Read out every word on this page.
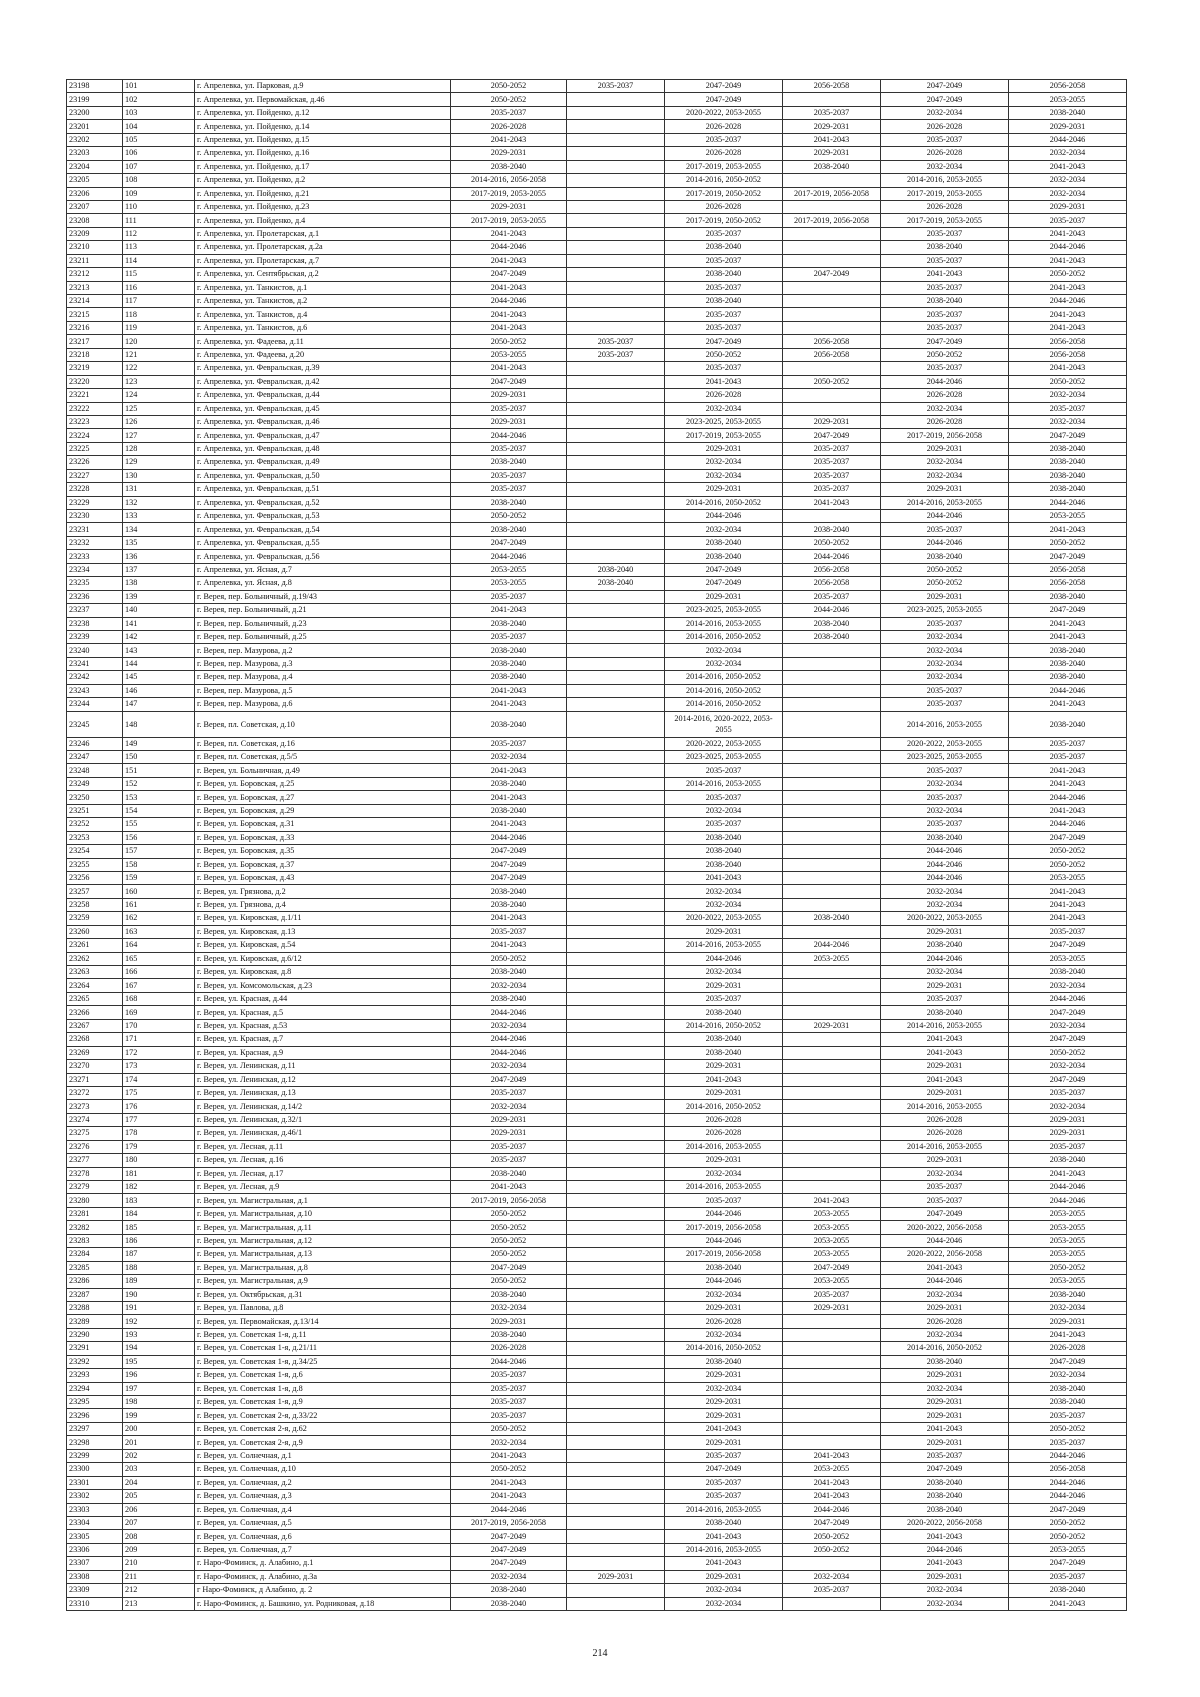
23198	101	г. Апрелевка, ул. Парковая, д.9	2050-2052	2035-2037	2047-2049	2056-2058	2047-2049	2056-2058
23199	102	г. Апрелевка, ул. Первомайская, д.46	2050-2052		2047-2049		2047-2049	2053-2055
23200	103	г. Апрелевка, ул. Пойденко, д.12	2035-2037		2020-2022, 2053-2055	2035-2037	2032-2034	2038-2040
23201	104	г. Апрелевка, ул. Пойденко, д.14	2026-2028		2026-2028	2029-2031	2026-2028	2029-2031
23202	105	г. Апрелевка, ул. Пойденко, д.15	2041-2043		2035-2037	2041-2043	2035-2037	2044-2046
23203	106	г. Апрелевка, ул. Пойденко, д.16	2029-2031		2026-2028	2029-2031	2026-2028	2032-2034
23204	107	г. Апрелевка, ул. Пойденко, д.17	2038-2040		2017-2019, 2053-2055	2038-2040	2032-2034	2041-2043
23205	108	г. Апрелевка, ул. Пойденко, д.2	2014-2016, 2056-2058		2014-2016, 2050-2052		2014-2016, 2053-2055	2032-2034
23206	109	г. Апрелевка, ул. Пойденко, д.21	2017-2019, 2053-2055		2017-2019, 2050-2052	2017-2019, 2056-2058	2017-2019, 2053-2055	2032-2034
23207	110	г. Апрелевка, ул. Пойденко, д.23	2029-2031		2026-2028		2026-2028	2029-2031
23208	111	г. Апрелевка, ул. Пойденко, д.4	2017-2019, 2053-2055		2017-2019, 2050-2052	2017-2019, 2056-2058	2017-2019, 2053-2055	2035-2037
23209	112	г. Апрелевка, ул. Пролетарская, д.1	2041-2043		2035-2037		2035-2037	2041-2043
23210	113	г. Апрелевка, ул. Пролетарская, д.2а	2044-2046		2038-2040		2038-2040	2044-2046
23211	114	г. Апрелевка, ул. Пролетарская, д.7	2041-2043		2035-2037		2035-2037	2041-2043
23212	115	г. Апрелевка, ул. Сентябрьская, д.2	2047-2049		2038-2040	2047-2049	2041-2043	2050-2052
23213	116	г. Апрелевка, ул. Танкистов, д.1	2041-2043		2035-2037		2035-2037	2041-2043
23214	117	г. Апрелевка, ул. Танкистов, д.2	2044-2046		2038-2040		2038-2040	2044-2046
23215	118	г. Апрелевка, ул. Танкистов, д.4	2041-2043		2035-2037		2035-2037	2041-2043
23216	119	г. Апрелевка, ул. Танкистов, д.6	2041-2043		2035-2037		2035-2037	2041-2043
23217	120	г. Апрелевка, ул. Фадеева, д.11	2050-2052	2035-2037	2047-2049	2056-2058	2047-2049	2056-2058
23218	121	г. Апрелевка, ул. Фадеева, д.20	2053-2055	2035-2037	2050-2052	2056-2058	2050-2052	2056-2058
23219	122	г. Апрелевка, ул. Февральская, д.39	2041-2043		2035-2037		2035-2037	2041-2043
23220	123	г. Апрелевка, ул. Февральская, д.42	2047-2049		2041-2043	2050-2052	2044-2046	2050-2052
23221	124	г. Апрелевка, ул. Февральская, д.44	2029-2031		2026-2028		2026-2028	2032-2034
23222	125	г. Апрелевка, ул. Февральская, д.45	2035-2037		2032-2034		2032-2034	2035-2037
23223	126	г. Апрелевка, ул. Февральская, д.46	2029-2031		2023-2025, 2053-2055	2029-2031	2026-2028	2032-2034
23224	127	г. Апрелевка, ул. Февральская, д.47	2044-2046		2017-2019, 2053-2055	2047-2049	2017-2019, 2056-2058	2047-2049
23225	128	г. Апрелевка, ул. Февральская, д.48	2035-2037		2029-2031	2035-2037	2029-2031	2038-2040
23226	129	г. Апрелевка, ул. Февральская, д.49	2038-2040		2032-2034	2035-2037	2032-2034	2038-2040
23227	130	г. Апрелевка, ул. Февральская, д.50	2035-2037		2032-2034	2035-2037	2032-2034	2038-2040
23228	131	г. Апрелевка, ул. Февральская, д.51	2035-2037		2029-2031	2035-2037	2029-2031	2038-2040
23229	132	г. Апрелевка, ул. Февральская, д.52	2038-2040		2014-2016, 2050-2052	2041-2043	2014-2016, 2053-2055	2044-2046
23230	133	г. Апрелевка, ул. Февральская, д.53	2050-2052		2044-2046		2044-2046	2053-2055
23231	134	г. Апрелевка, ул. Февральская, д.54	2038-2040		2032-2034	2038-2040	2035-2037	2041-2043
23232	135	г. Апрелевка, ул. Февральская, д.55	2047-2049		2038-2040	2050-2052	2044-2046	2050-2052
23233	136	г. Апрелевка, ул. Февральская, д.56	2044-2046		2038-2040	2044-2046	2038-2040	2047-2049
23234	137	г. Апрелевка, ул. Ясная, д.7	2053-2055	2038-2040	2047-2049	2056-2058	2050-2052	2056-2058
23235	138	г. Апрелевка, ул. Ясная, д.8	2053-2055	2038-2040	2047-2049	2056-2058	2050-2052	2056-2058
23236	139	г. Верея, пер. Больничный, д.19/43	2035-2037		2029-2031	2035-2037	2029-2031	2038-2040
23237	140	г. Верея, пер. Больничный, д.21	2041-2043		2023-2025, 2053-2055	2044-2046	2023-2025, 2053-2055	2047-2049
23238	141	г. Верея, пер. Больничный, д.23	2038-2040		2014-2016, 2053-2055	2038-2040	2035-2037	2041-2043
23239	142	г. Верея, пер. Больничный, д.25	2035-2037		2014-2016, 2050-2052	2038-2040	2032-2034	2041-2043
23240	143	г. Верея, пер. Мазурова, д.2	2038-2040		2032-2034		2032-2034	2038-2040
23241	144	г. Верея, пер. Мазурова, д.3	2038-2040		2032-2034		2032-2034	2038-2040
23242	145	г. Верея, пер. Мазурова, д.4	2038-2040		2014-2016, 2050-2052		2032-2034	2038-2040
23243	146	г. Верея, пер. Мазурова, д.5	2041-2043		2014-2016, 2050-2052		2035-2037	2044-2046
23244	147	г. Верея, пер. Мазурова, д.6	2041-2043		2014-2016, 2050-2052		2035-2037	2041-2043
23245	148	г. Верея, пл. Советская, д.10	2038-2040		2014-2016, 2020-2022, 2053-2055		2014-2016, 2053-2055	2038-2040
23246	149	г. Верея, пл. Советская, д.16	2035-2037		2020-2022, 2053-2055		2020-2022, 2053-2055	2035-2037
23247	150	г. Верея, пл. Советская, д.5/5	2032-2034		2023-2025, 2053-2055		2023-2025, 2053-2055	2035-2037
23248	151	г. Верея, ул. Больничная, д.49	2041-2043		2035-2037		2035-2037	2041-2043
23249	152	г. Верея, ул. Боровская, д.25	2038-2040		2014-2016, 2053-2055		2032-2034	2041-2043
23250	153	г. Верея, ул. Боровская, д.27	2041-2043		2035-2037		2035-2037	2044-2046
23251	154	г. Верея, ул. Боровская, д.29	2038-2040		2032-2034		2032-2034	2041-2043
23252	155	г. Верея, ул. Боровская, д.31	2041-2043		2035-2037		2035-2037	2044-2046
23253	156	г. Верея, ул. Боровская, д.33	2044-2046		2038-2040		2038-2040	2047-2049
23254	157	г. Верея, ул. Боровская, д.35	2047-2049		2038-2040		2044-2046	2050-2052
23255	158	г. Верея, ул. Боровская, д.37	2047-2049		2038-2040		2044-2046	2050-2052
23256	159	г. Верея, ул. Боровская, д.43	2047-2049		2041-2043		2044-2046	2053-2055
23257	160	г. Верея, ул. Грязнова, д.2	2038-2040		2032-2034		2032-2034	2041-2043
23258	161	г. Верея, ул. Грязнова, д.4	2038-2040		2032-2034		2032-2034	2041-2043
23259	162	г. Верея, ул. Кировская, д.1/11	2041-2043		2020-2022, 2053-2055	2038-2040	2020-2022, 2053-2055	2041-2043
23260	163	г. Верея, ул. Кировская, д.13	2035-2037		2029-2031		2029-2031	2035-2037
23261	164	г. Верея, ул. Кировская, д.54	2041-2043		2014-2016, 2053-2055	2044-2046	2038-2040	2047-2049
23262	165	г. Верея, ул. Кировская, д.6/12	2050-2052		2044-2046	2053-2055	2044-2046	2053-2055
23263	166	г. Верея, ул. Кировская, д.8	2038-2040		2032-2034		2032-2034	2038-2040
23264	167	г. Верея, ул. Комсомольская, д.23	2032-2034		2029-2031		2029-2031	2032-2034
23265	168	г. Верея, ул. Красная, д.44	2038-2040		2035-2037		2035-2037	2044-2046
23266	169	г. Верея, ул. Красная, д.5	2044-2046		2038-2040		2038-2040	2047-2049
23267	170	г. Верея, ул. Красная, д.53	2032-2034		2014-2016, 2050-2052	2029-2031	2014-2016, 2053-2055	2032-2034
23268	171	г. Верея, ул. Красная, д.7	2044-2046		2038-2040		2041-2043	2047-2049
23269	172	г. Верея, ул. Красная, д.9	2044-2046		2038-2040		2041-2043	2050-2052
23270	173	г. Верея, ул. Ленинская, д.11	2032-2034		2029-2031		2029-2031	2032-2034
23271	174	г. Верея, ул. Ленинская, д.12	2047-2049		2041-2043		2041-2043	2047-2049
23272	175	г. Верея, ул. Ленинская, д.13	2035-2037		2029-2031		2029-2031	2035-2037
23273	176	г. Верея, ул. Ленинская, д.14/2	2032-2034		2014-2016, 2050-2052		2014-2016, 2053-2055	2032-2034
23274	177	г. Верея, ул. Ленинская, д.32/1	2029-2031		2026-2028		2026-2028	2029-2031
23275	178	г. Верея, ул. Ленинская, д.46/1	2029-2031		2026-2028		2026-2028	2029-2031
23276	179	г. Верея, ул. Лесная, д.11	2035-2037		2014-2016, 2053-2055		2014-2016, 2053-2055	2035-2037
23277	180	г. Верея, ул. Лесная, д.16	2035-2037		2029-2031		2029-2031	2038-2040
23278	181	г. Верея, ул. Лесная, д.17	2038-2040		2032-2034		2032-2034	2041-2043
23279	182	г. Верея, ул. Лесная, д.9	2041-2043		2014-2016, 2053-2055		2035-2037	2044-2046
23280	183	г. Верея, ул. Магистральная, д.1	2017-2019, 2056-2058		2035-2037	2041-2043	2035-2037	2044-2046
23281	184	г. Верея, ул. Магистральная, д.10	2050-2052		2044-2046	2053-2055	2047-2049	2053-2055
23282	185	г. Верея, ул. Магистральная, д.11	2050-2052		2017-2019, 2056-2058	2053-2055	2020-2022, 2056-2058	2053-2055
23283	186	г. Верея, ул. Магистральная, д.12	2050-2052		2044-2046	2053-2055	2044-2046	2053-2055
23284	187	г. Верея, ул. Магистральная, д.13	2050-2052		2017-2019, 2056-2058	2053-2055	2020-2022, 2056-2058	2053-2055
23285	188	г. Верея, ул. Магистральная, д.8	2047-2049		2038-2040	2047-2049	2041-2043	2050-2052
23286	189	г. Верея, ул. Магистральная, д.9	2050-2052		2044-2046	2053-2055	2044-2046	2053-2055
23287	190	г. Верея, ул. Октябрьская, д.31	2038-2040		2032-2034	2035-2037	2032-2034	2038-2040
23288	191	г. Верея, ул. Павлова, д.8	2032-2034		2029-2031	2029-2031	2029-2031	2032-2034
23289	192	г. Верея, ул. Первомайская, д.13/14	2029-2031		2026-2028		2026-2028	2029-2031
23290	193	г. Верея, ул. Советская 1-я, д.11	2038-2040		2032-2034		2032-2034	2041-2043
23291	194	г. Верея, ул. Советская 1-я, д.21/11	2026-2028		2014-2016, 2050-2052		2014-2016, 2050-2052	2026-2028
23292	195	г. Верея, ул. Советская 1-я, д.34/25	2044-2046		2038-2040		2038-2040	2047-2049
23293	196	г. Верея, ул. Советская 1-я, д.6	2035-2037		2029-2031		2029-2031	2032-2034
23294	197	г. Верея, ул. Советская 1-я, д.8	2035-2037		2032-2034		2032-2034	2038-2040
23295	198	г. Верея, ул. Советская 1-я, д.9	2035-2037		2029-2031		2029-2031	2038-2040
23296	199	г. Верея, ул. Советская 2-я, д.33/22	2035-2037		2029-2031		2029-2031	2035-2037
23297	200	г. Верея, ул. Советская 2-я, д.62	2050-2052		2041-2043		2041-2043	2050-2052
23298	201	г. Верея, ул. Советская 2-я, д.9	2032-2034		2029-2031		2029-2031	2035-2037
23299	202	г. Верея, ул. Солнечная, д.1	2041-2043		2035-2037	2041-2043	2035-2037	2044-2046
23300	203	г. Верея, ул. Солнечная, д.10	2050-2052		2047-2049	2053-2055	2047-2049	2056-2058
23301	204	г. Верея, ул. Солнечная, д.2	2041-2043		2035-2037	2041-2043	2038-2040	2044-2046
23302	205	г. Верея, ул. Солнечная, д.3	2041-2043		2035-2037	2041-2043	2038-2040	2044-2046
23303	206	г. Верея, ул. Солнечная, д.4	2044-2046		2014-2016, 2053-2055	2044-2046	2038-2040	2047-2049
23304	207	г. Верея, ул. Солнечная, д.5	2017-2019, 2056-2058		2038-2040	2047-2049	2020-2022, 2056-2058	2050-2052
23305	208	г. Верея, ул. Солнечная, д.6	2047-2049		2041-2043	2050-2052	2041-2043	2050-2052
23306	209	г. Верея, ул. Солнечная, д.7	2047-2049		2014-2016, 2053-2055	2050-2052	2044-2046	2053-2055
23307	210	г. Наро-Фоминск, д. Алабино, д.1	2047-2049		2041-2043		2041-2043	2047-2049
23308	211	г. Наро-Фоминск, д. Алабино, д.3а	2032-2034	2029-2031	2029-2031	2032-2034	2029-2031	2035-2037
23309	212	г Наро-Фоминск, д Алабино, д. 2	2038-2040		2032-2034	2035-2037	2032-2034	2038-2040
23310	213	г. Наро-Фоминск, д. Башкино, ул. Родниковая, д.18	2038-2040		2032-2034		2032-2034	2041-2043
214
